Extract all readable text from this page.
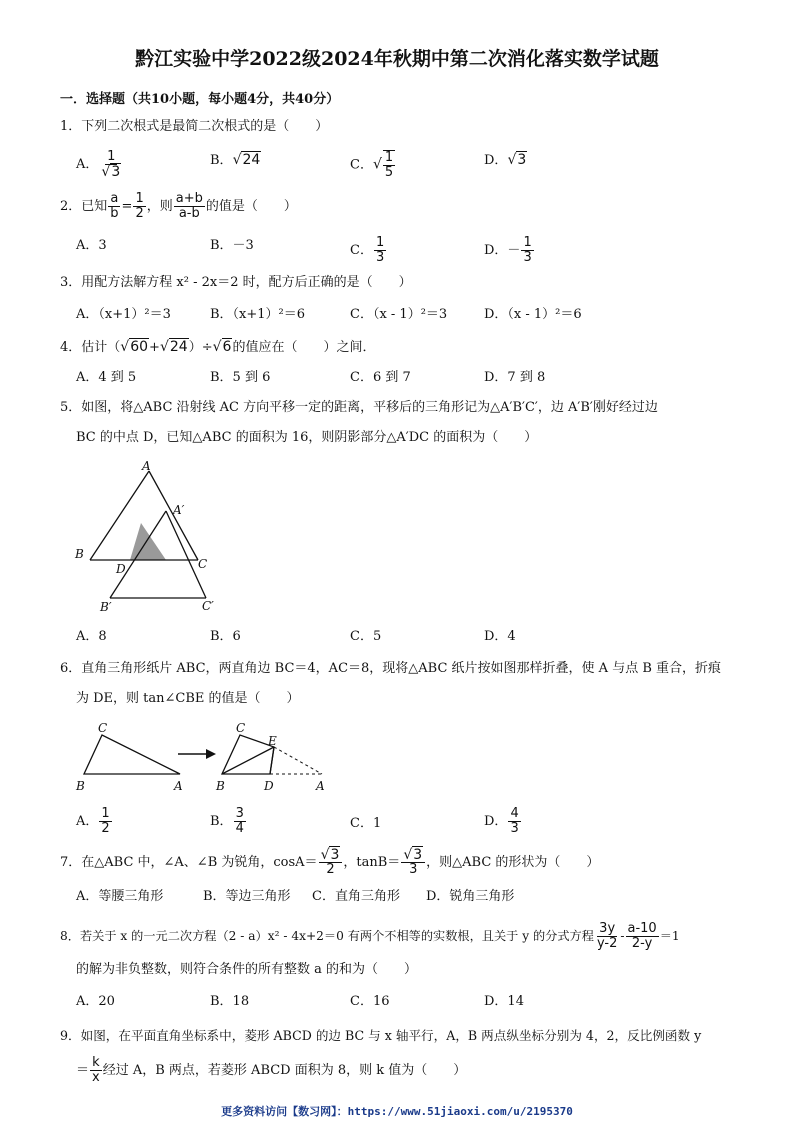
黔江实验中学2022级2024年秋期中第二次消化落实数学试题
一．选择题（共10小题，每小题4分，共40分）
1．下列二次根式是最简二次根式的是（　　）
A． $\frac{1}{√3}$	B．√24	C．√ $\frac{1}{5}$	D．√3
2．已知 $\frac{a}{b} = \frac{1}{2}$ ，则 $\frac{a+b}{a-b}$ 的值是（　　）
A．3	B．－3	C． $\frac{1}{3}$	D．－ $\frac{1}{3}$
3．用配方法解方程 x² - 2x＝2 时，配方后正确的是（　　）
A．（x+1）²＝3	B．（x+1）²＝6	C．（x - 1）²＝3	D．（x - 1）²＝6
4．估计（√60+√24）÷√6的值应在（　　）之间．
A．4 到 5	B．5 到 6	C．6 到 7	D．7 到 8
5．如图，将△ABC 沿射线 AC 方向平移一定的距离，平移后的三角形记为△A′B′C′，边 A′B′刚好经过边
BC 的中点 D，已知△ABC 的面积为 16，则阴影部分△A′DC 的面积为（　　）
A
A′
B
D	C
B′	C′
A．8	B．6	C．5	D．4
6．直角三角形纸片 ABC，两直角边 BC＝4，AC＝8，现将△ABC 纸片按如图那样折叠，使 A 与点 B 重合，折痕
为 DE，则 tan∠CBE 的值是（　　）
C
B	A
C
E
B	D	A
A． $\frac{1}{2}$	B． $\frac{3}{4}$	C．1	D． $\frac{4}{3}$
7．在△ABC 中，∠A、∠B 为锐角，$\cos A= \frac{√3}{2}$ ，$\tan B= \frac{√3}{3}$ ，则△ABC 的形状为（　　）
A．等腰三角形	B．等边三角形 C．直角三角形 D．锐角三角形
8．若关于 x 的一元二次方程（2 - a）x² - 4x+2＝0 有两个不相等的实数根，且关于 y 的分式方程 $\frac{3y}{y-2} - \frac{a-10}{2-y} =1$
的解为非负整数，则符合条件的所有整数 a 的和为（　　）
A．20	B．18	C．16	D．14
9．如图，在平面直角坐标系中，菱形 ABCD 的边 BC 与 x 轴平行，A，B 两点纵坐标分别为 4，2，反比例函数 y
＝ $\frac{k}{x}$ 经过 A，B 两点，若菱形 ABCD 面积为 8，则 k 值为（　　）
更多资料访问【数习网】：https://www.51jiaoxi.com/u/2195370
